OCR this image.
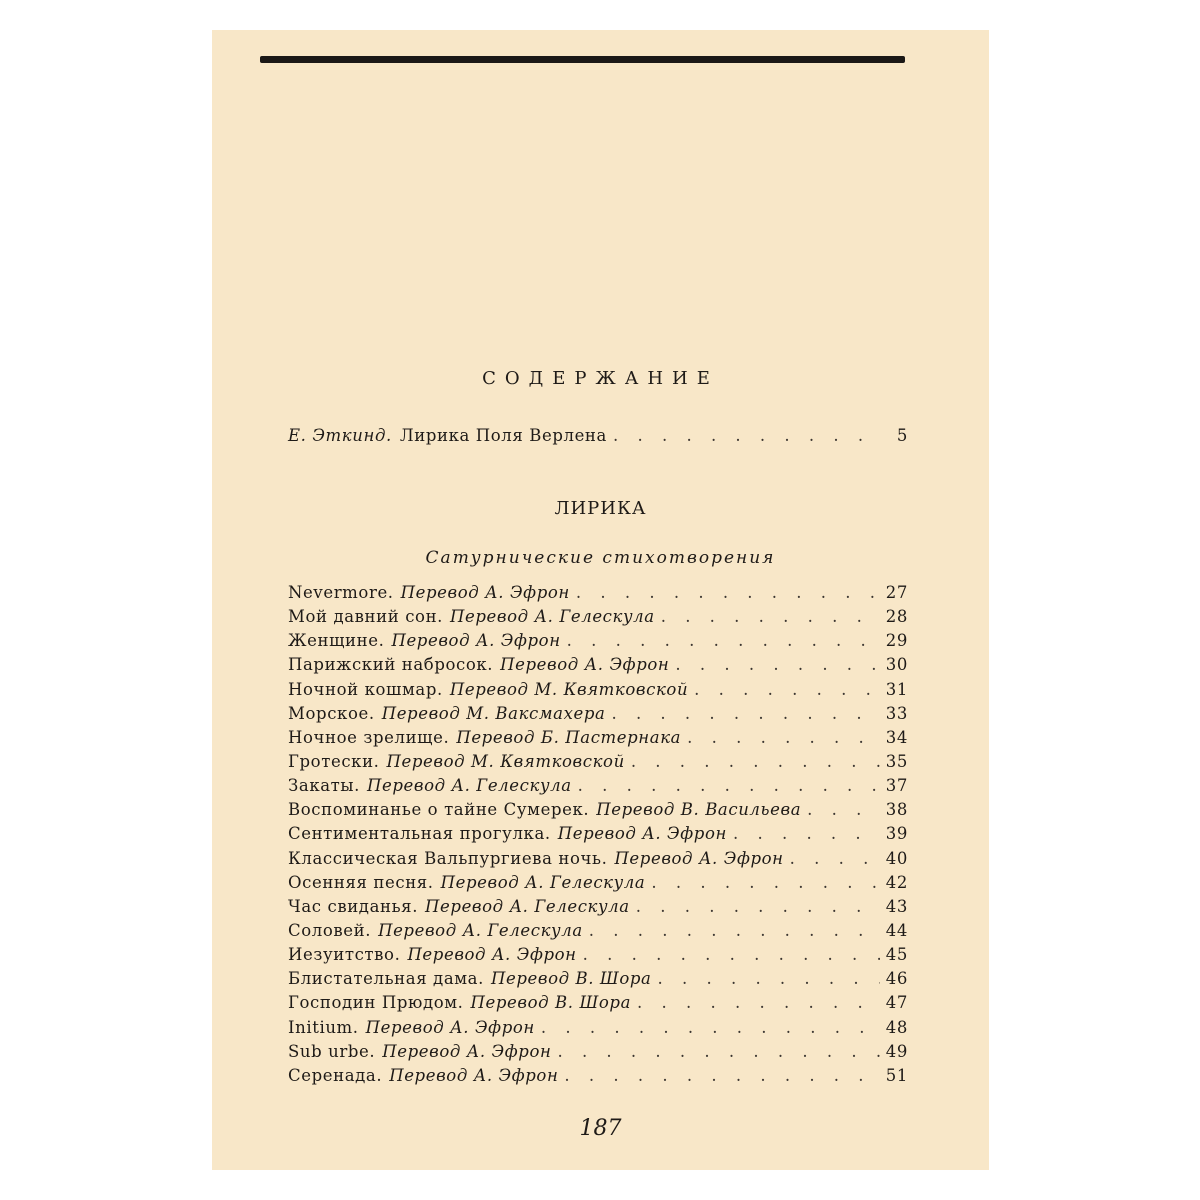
СОДЕРЖАНИЕ
Е. Эткинд. Лирика Поля Верлена . . .	5
ЛИРИКА
Сатурнические стихотворения
Nevermore. Перевод А. Эфрон . . .	27
Мой давний сон. Перевод А. Гелескула . . .	28
Женщине. Перевод А. Эфрон . . .	29
Парижский набросок. Перевод А. Эфрон . . .	30
Ночной кошмар. Перевод М. Квятковской . . .	31
Морское. Перевод М. Ваксмахера . . .	33
Ночное зрелище. Перевод Б. Пастернака . . .	34
Гротески. Перевод М. Квятковской . . .	35
Закаты. Перевод А. Гелескула . . .	37
Воспоминанье о тайне Сумерек. Перевод В. Васильева . . .	38
Сентиментальная прогулка. Перевод А. Эфрон . . .	39
Классическая Вальпургиева ночь. Перевод А. Эфрон . . .	40
Осенняя песня. Перевод А. Гелескула . . .	42
Час свиданья. Перевод А. Гелескула . . .	43
Соловей. Перевод А. Гелескула . . .	44
Иезуитство. Перевод А. Эфрон . . .	45
Блистательная дама. Перевод В. Шора . . .	46
Господин Прюдом. Перевод В. Шора . . .	47
Initium. Перевод А. Эфрон . . .	48
Sub urbe. Перевод А. Эфрон . . .	49
Серенада. Перевод А. Эфрон . . .	51
187
